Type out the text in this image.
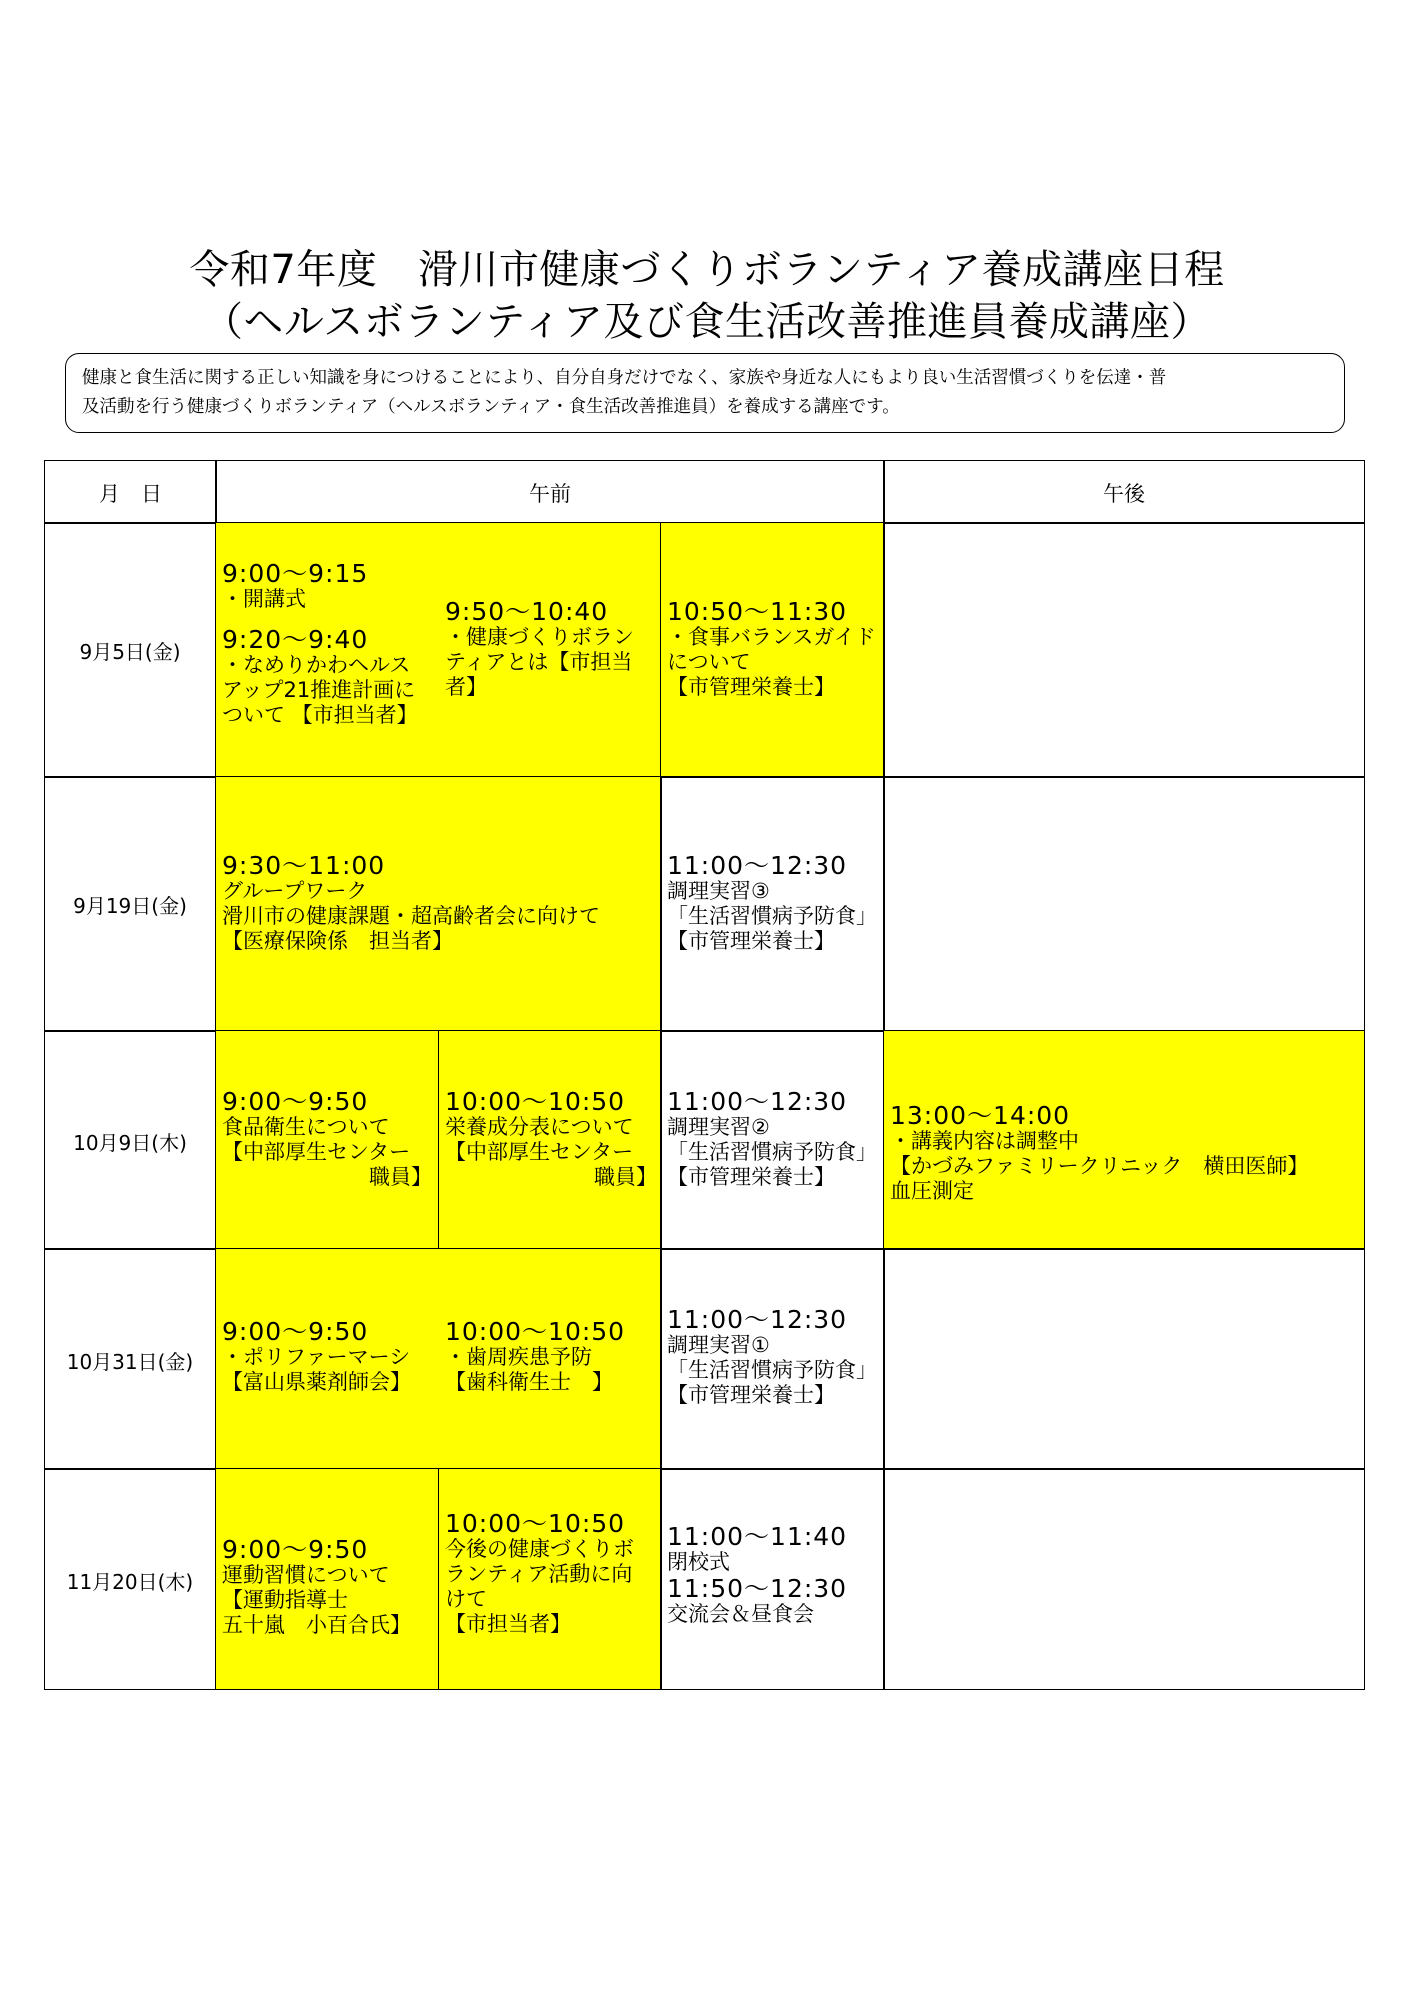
令和7年度　滑川市健康づくりボランティア養成講座日程
（ヘルスボランティア及び食生活改善推進員養成講座）
健康と食生活に関する正しい知識を身につけることにより、自分自身だけでなく、家族や身近な人にもより良い生活習慣づくりを伝達・普
及活動を行う健康づくりボランティア（ヘルスボランティア・食生活改善推進員）を養成する講座です。
月　日	午前	午後
9月5日(金)
9:00～9:15
・開講式
9:20～9:40
・なめりかわヘルス
アップ21推進計画に
ついて 【市担当者】
9:50～10:40
・健康づくりボラン
ティアとは【市担当
者】
10:50～11:30
・食事バランスガイド
について
【市管理栄養士】
9月19日(金)
9:30～11:00
グループワーク
滑川市の健康課題・超高齢者会に向けて
【医療保険係　担当者】
11:00～12:30
調理実習③
「生活習慣病予防食」
【市管理栄養士】
10月9日(木)
9:00～9:50
食品衛生について
【中部厚生センター
職員】
10:00～10:50
栄養成分表について
【中部厚生センター
職員】
11:00～12:30
調理実習②
「生活習慣病予防食」
【市管理栄養士】
13:00～14:00
・講義内容は調整中
【かづみファミリークリニック　横田医師】
血圧測定
10月31日(金)
9:00～9:50
・ポリファーマーシ
【富山県薬剤師会】
10:00～10:50
・歯周疾患予防
【歯科衛生士　】
11:00～12:30
調理実習①
「生活習慣病予防食」
【市管理栄養士】
11月20日(木)
9:00～9:50
運動習慣について
【運動指導士
五十嵐　小百合氏】
10:00～10:50
今後の健康づくりボ
ランティア活動に向
けて
【市担当者】
11:00～11:40
閉校式
11:50～12:30
交流会＆昼食会
